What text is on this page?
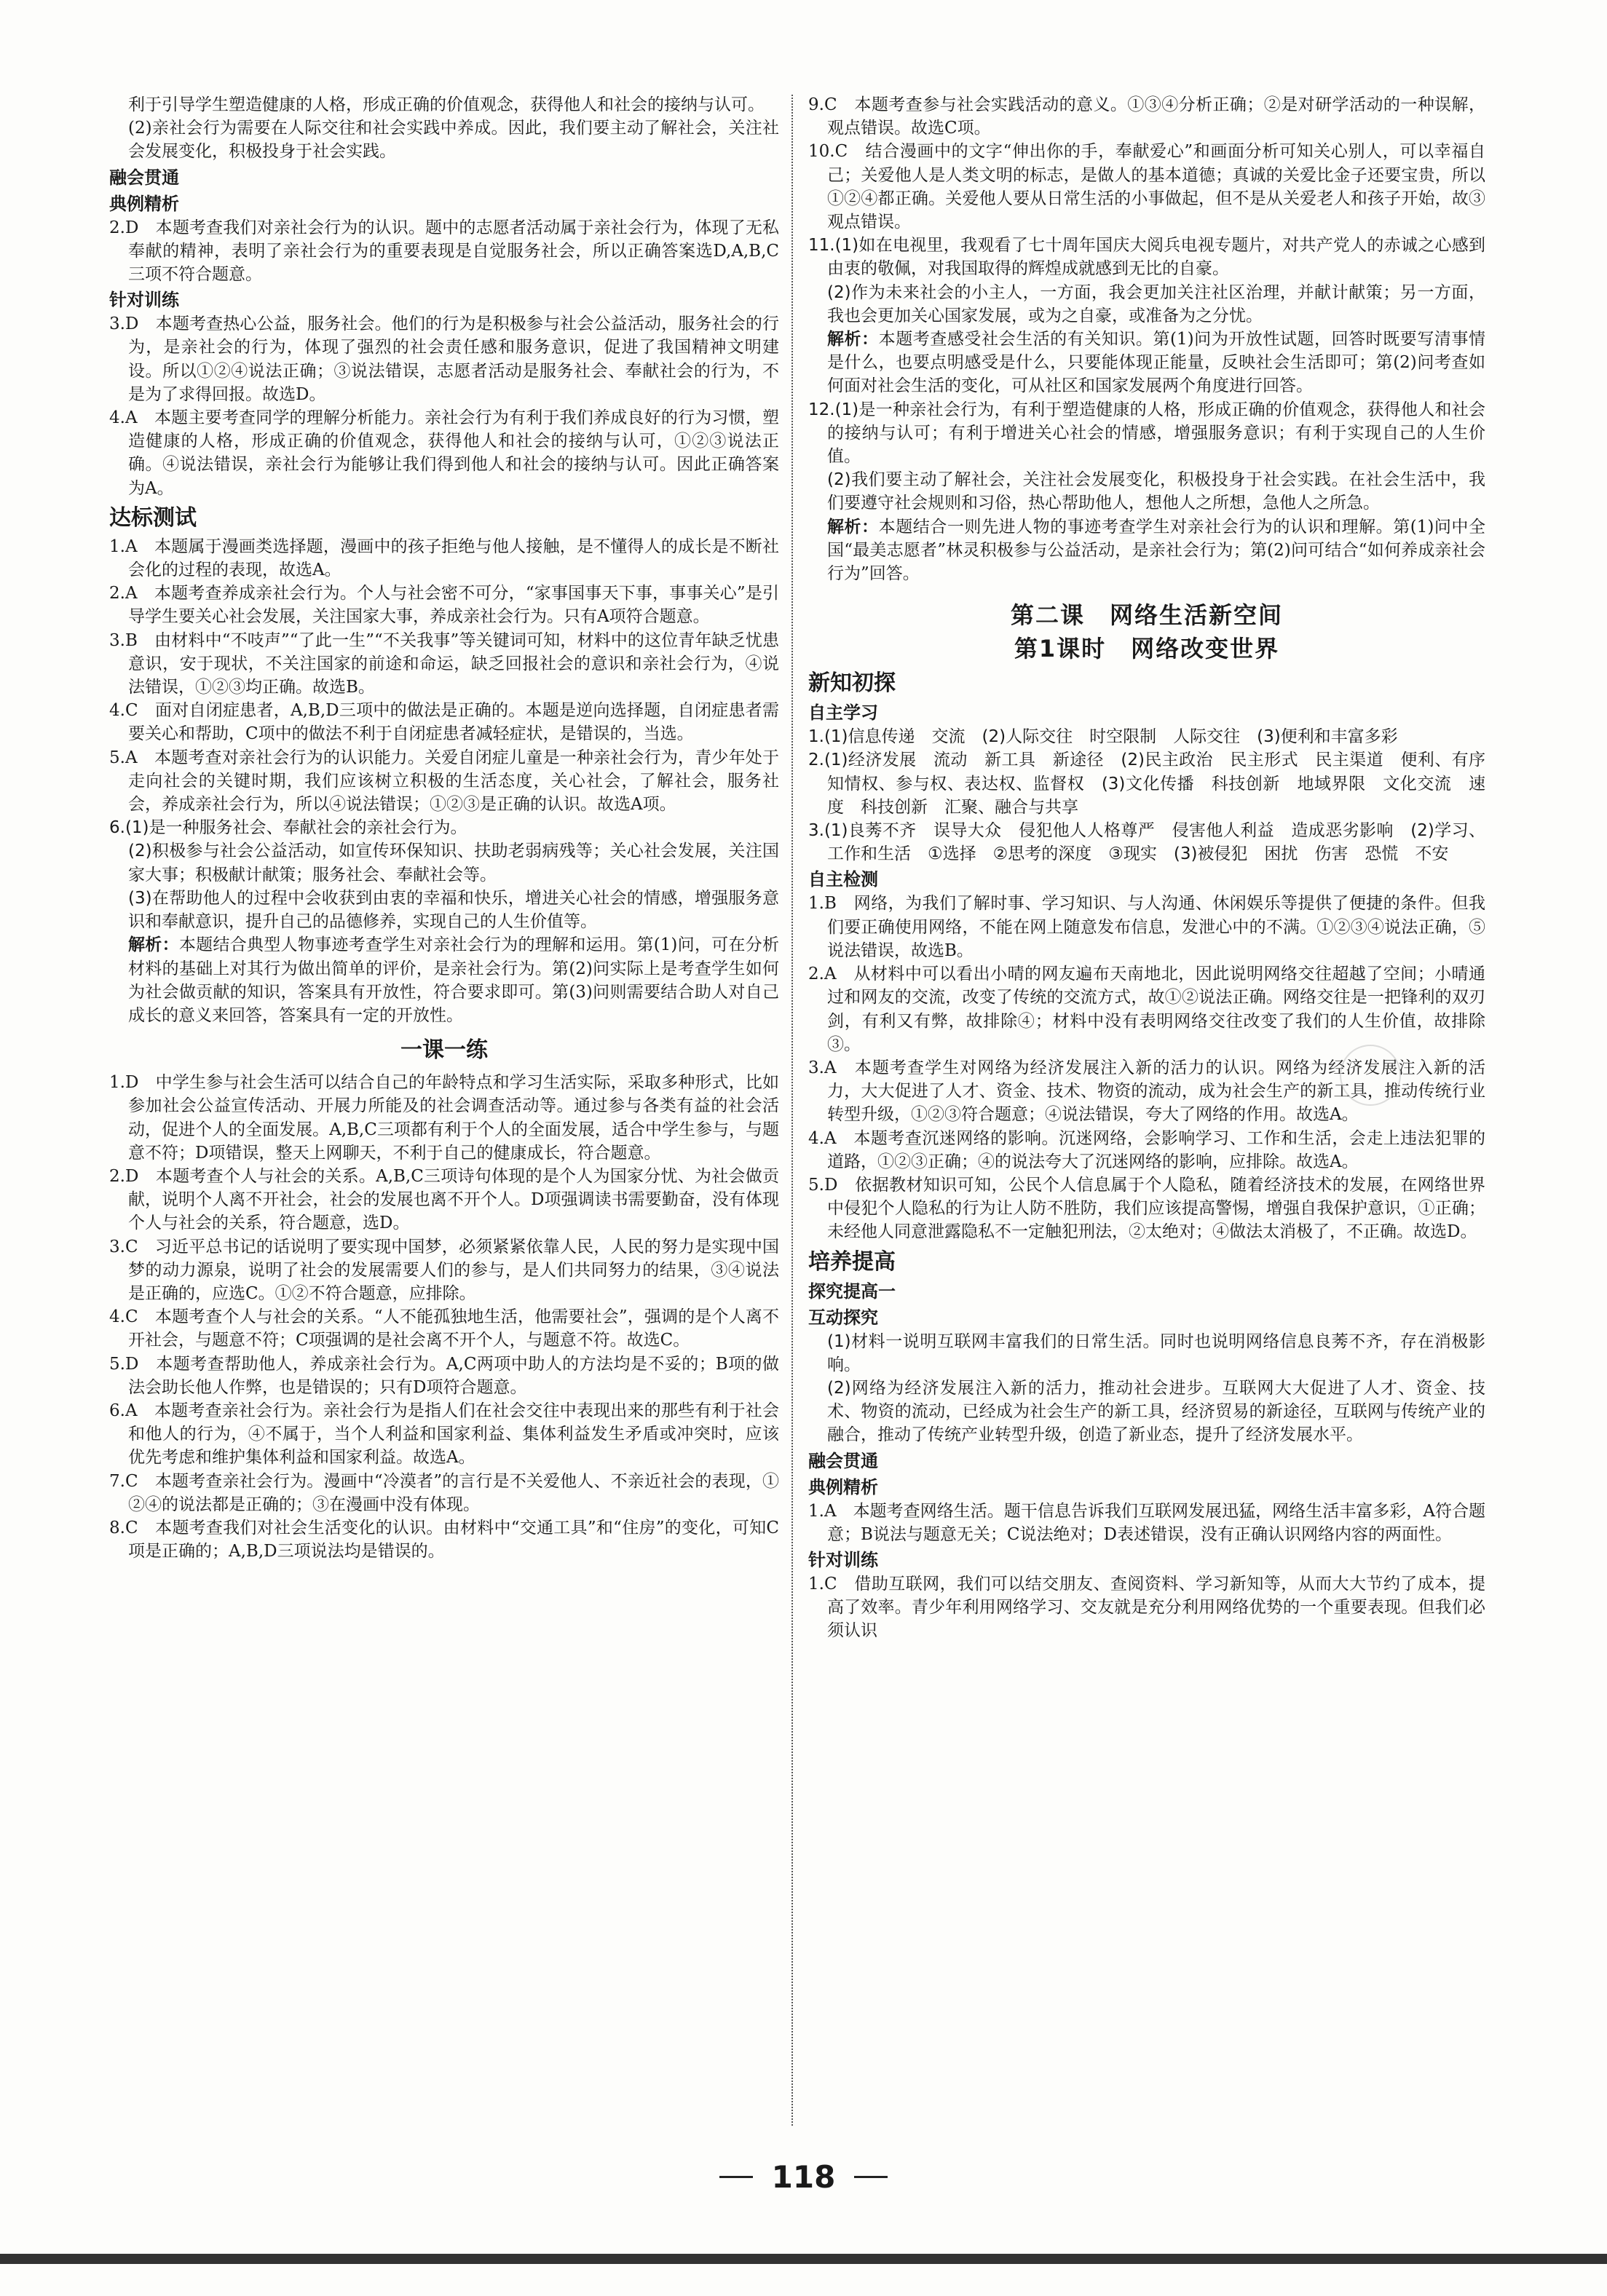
利于引导学生塑造健康的人格，形成正确的价值观念，获得他人和社会的接纳与认可。

(2)亲社会行为需要在人际交往和社会实践中养成。因此，我们要主动了解社会，关注社会发展变化，积极投身于社会实践。

融会贯通
典例精析

2.D　本题考查我们对亲社会行为的认识。题中的志愿者活动属于亲社会行为，体现了无私奉献的精神，表明了亲社会行为的重要表现是自觉服务社会，所以正确答案选D,A,B,C三项不符合题意。

针对训练

3.D　本题考查热心公益，服务社会。他们的行为是积极参与社会公益活动，服务社会的行为，是亲社会的行为，体现了强烈的社会责任感和服务意识，促进了我国精神文明建设。所以①②④说法正确；③说法错误，志愿者活动是服务社会、奉献社会的行为，不是为了求得回报。故选D。

4.A　本题主要考查同学的理解分析能力。亲社会行为有利于我们养成良好的行为习惯，塑造健康的人格，形成正确的价值观念，获得他人和社会的接纳与认可，①②③说法正确。④说法错误，亲社会行为能够让我们得到他人和社会的接纳与认可。因此正确答案为A。

达标测试

1.A　本题属于漫画类选择题，漫画中的孩子拒绝与他人接触，是不懂得人的成长是不断社会化的过程的表现，故选A。

2.A　本题考查养成亲社会行为。个人与社会密不可分，“家事国事天下事，事事关心”是引导学生要关心社会发展，关注国家大事，养成亲社会行为。只有A项符合题意。

3.B　由材料中“不吱声”“了此一生”“不关我事”等关键词可知，材料中的这位青年缺乏忧患意识，安于现状，不关注国家的前途和命运，缺乏回报社会的意识和亲社会行为，④说法错误，①②③均正确。故选B。

4.C　面对自闭症患者，A,B,D三项中的做法是正确的。本题是逆向选择题，自闭症患者需要关心和帮助，C项中的做法不利于自闭症患者减轻症状，是错误的，当选。

5.A　本题考查对亲社会行为的认识能力。关爱自闭症儿童是一种亲社会行为，青少年处于走向社会的关键时期，我们应该树立积极的生活态度，关心社会，了解社会，服务社会，养成亲社会行为，所以④说法错误；①②③是正确的认识。故选A项。

6.(1)是一种服务社会、奉献社会的亲社会行为。

(2)积极参与社会公益活动，如宣传环保知识、扶助老弱病残等；关心社会发展，关注国家大事；积极献计献策；服务社会、奉献社会等。

(3)在帮助他人的过程中会收获到由衷的幸福和快乐，增进关心社会的情感，增强服务意识和奉献意识，提升自己的品德修养，实现自己的人生价值等。

解析：本题结合典型人物事迹考查学生对亲社会行为的理解和运用。第(1)问，可在分析材料的基础上对其行为做出简单的评价，是亲社会行为。第(2)问实际上是考查学生如何为社会做贡献的知识，答案具有开放性，符合要求即可。第(3)问则需要结合助人对自己成长的意义来回答，答案具有一定的开放性。

一课一练

1.D　中学生参与社会生活可以结合自己的年龄特点和学习生活实际，采取多种形式，比如参加社会公益宣传活动、开展力所能及的社会调查活动等。通过参与各类有益的社会活动，促进个人的全面发展。A,B,C三项都有利于个人的全面发展，适合中学生参与，与题意不符；D项错误，整天上网聊天，不利于自己的健康成长，符合题意。

2.D　本题考查个人与社会的关系。A,B,C三项诗句体现的是个人为国家分忧、为社会做贡献，说明个人离不开社会，社会的发展也离不开个人。D项强调读书需要勤奋，没有体现个人与社会的关系，符合题意，选D。

3.C　习近平总书记的话说明了要实现中国梦，必须紧紧依靠人民，人民的努力是实现中国梦的动力源泉，说明了社会的发展需要人们的参与，是人们共同努力的结果，③④说法是正确的，应选C。①②不符合题意，应排除。

4.C　本题考查个人与社会的关系。“人不能孤独地生活，他需要社会”，强调的是个人离不开社会，与题意不符；C项强调的是社会离不开个人，与题意不符。故选C。

5.D　本题考查帮助他人，养成亲社会行为。A,C两项中助人的方法均是不妥的；B项的做法会助长他人作弊，也是错误的；只有D项符合题意。

6.A　本题考查亲社会行为。亲社会行为是指人们在社会交往中表现出来的那些有利于社会和他人的行为，④不属于，当个人利益和国家利益、集体利益发生矛盾或冲突时，应该优先考虑和维护集体利益和国家利益。故选A。

7.C　本题考查亲社会行为。漫画中“冷漠者”的言行是不关爱他人、不亲近社会的表现，①②④的说法都是正确的；③在漫画中没有体现。

8.C　本题考查我们对社会生活变化的认识。由材料中“交通工具”和“住房”的变化，可知C项是正确的；A,B,D三项说法均是错误的。

9.C　本题考查参与社会实践活动的意义。①③④分析正确；②是对研学活动的一种误解，观点错误。故选C项。

10.C　结合漫画中的文字“伸出你的手，奉献爱心”和画面分析可知关心别人，可以幸福自己；关爱他人是人类文明的标志，是做人的基本道德；真诚的关爱比金子还要宝贵，所以①②④都正确。关爱他人要从日常生活的小事做起，但不是从关爱老人和孩子开始，故③观点错误。

11.(1)如在电视里，我观看了七十周年国庆大阅兵电视专题片，对共产党人的赤诚之心感到由衷的敬佩，对我国取得的辉煌成就感到无比的自豪。

(2)作为未来社会的小主人，一方面，我会更加关注社区治理，并献计献策；另一方面，我也会更加关心国家发展，或为之自豪，或准备为之分忧。

解析：本题考查感受社会生活的有关知识。第(1)问为开放性试题，回答时既要写清事情是什么，也要点明感受是什么，只要能体现正能量，反映社会生活即可；第(2)问考查如何面对社会生活的变化，可从社区和国家发展两个角度进行回答。

12.(1)是一种亲社会行为，有利于塑造健康的人格，形成正确的价值观念，获得他人和社会的接纳与认可；有利于增进关心社会的情感，增强服务意识；有利于实现自己的人生价值。

(2)我们要主动了解社会，关注社会发展变化，积极投身于社会实践。在社会生活中，我们要遵守社会规则和习俗，热心帮助他人，想他人之所想，急他人之所急。

解析：本题结合一则先进人物的事迹考查学生对亲社会行为的认识和理解。第(1)问中全国“最美志愿者”林灵积极参与公益活动，是亲社会行为；第(2)问可结合“如何养成亲社会行为”回答。

第二课　网络生活新空间
第1课时　网络改变世界
新知初探
自主学习

1.(1)信息传递　交流　(2)人际交往　时空限制　人际交往　(3)便利和丰富多彩

2.(1)经济发展　流动　新工具　新途径　(2)民主政治　民主形式　民主渠道　便利、有序　知情权、参与权、表达权、监督权　(3)文化传播　科技创新　地域界限　文化交流　速度　科技创新　汇聚、融合与共享

3.(1)良莠不齐　误导大众　侵犯他人人格尊严　侵害他人利益　造成恶劣影响　(2)学习、工作和生活　①选择　②思考的深度　③现实　(3)被侵犯　困扰　伤害　恐慌　不安

自主检测

1.B　网络，为我们了解时事、学习知识、与人沟通、休闲娱乐等提供了便捷的条件。但我们要正确使用网络，不能在网上随意发布信息，发泄心中的不满。①②③④说法正确，⑤说法错误，故选B。

2.A　从材料中可以看出小晴的网友遍布天南地北，因此说明网络交往超越了空间；小晴通过和网友的交流，改变了传统的交流方式，故①②说法正确。网络交往是一把锋利的双刃剑，有利又有弊，故排除④；材料中没有表明网络交往改变了我们的人生价值，故排除③。

3.A　本题考查学生对网络为经济发展注入新的活力的认识。网络为经济发展注入新的活力，大大促进了人才、资金、技术、物资的流动，成为社会生产的新工具，推动传统行业转型升级，①②③符合题意；④说法错误，夸大了网络的作用。故选A。

4.A　本题考查沉迷网络的影响。沉迷网络，会影响学习、工作和生活，会走上违法犯罪的道路，①②③正确；④的说法夸大了沉迷网络的影响，应排除。故选A。

5.D　依据教材知识可知，公民个人信息属于个人隐私，随着经济技术的发展，在网络世界中侵犯个人隐私的行为让人防不胜防，我们应该提高警惕，增强自我保护意识，①正确；未经他人同意泄露隐私不一定触犯刑法，②太绝对；④做法太消极了，不正确。故选D。

培养提高
探究提高一
互动探究

(1)材料一说明互联网丰富我们的日常生活。同时也说明网络信息良莠不齐，存在消极影响。

(2)网络为经济发展注入新的活力，推动社会进步。互联网大大促进了人才、资金、技术、物资的流动，已经成为社会生产的新工具，经济贸易的新途径，互联网与传统产业的融合，推动了传统产业转型升级，创造了新业态，提升了经济发展水平。

融会贯通
典例精析

1.A　本题考查网络生活。题干信息告诉我们互联网发展迅猛，网络生活丰富多彩，A符合题意；B说法与题意无关；C说法绝对；D表述错误，没有正确认识网络内容的两面性。

针对训练

1.C　借助互联网，我们可以结交朋友、查阅资料、学习新知等，从而大大节约了成本，提高了效率。青少年利用网络学习、交友就是充分利用网络优势的一个重要表现。但我们必须认识

118
